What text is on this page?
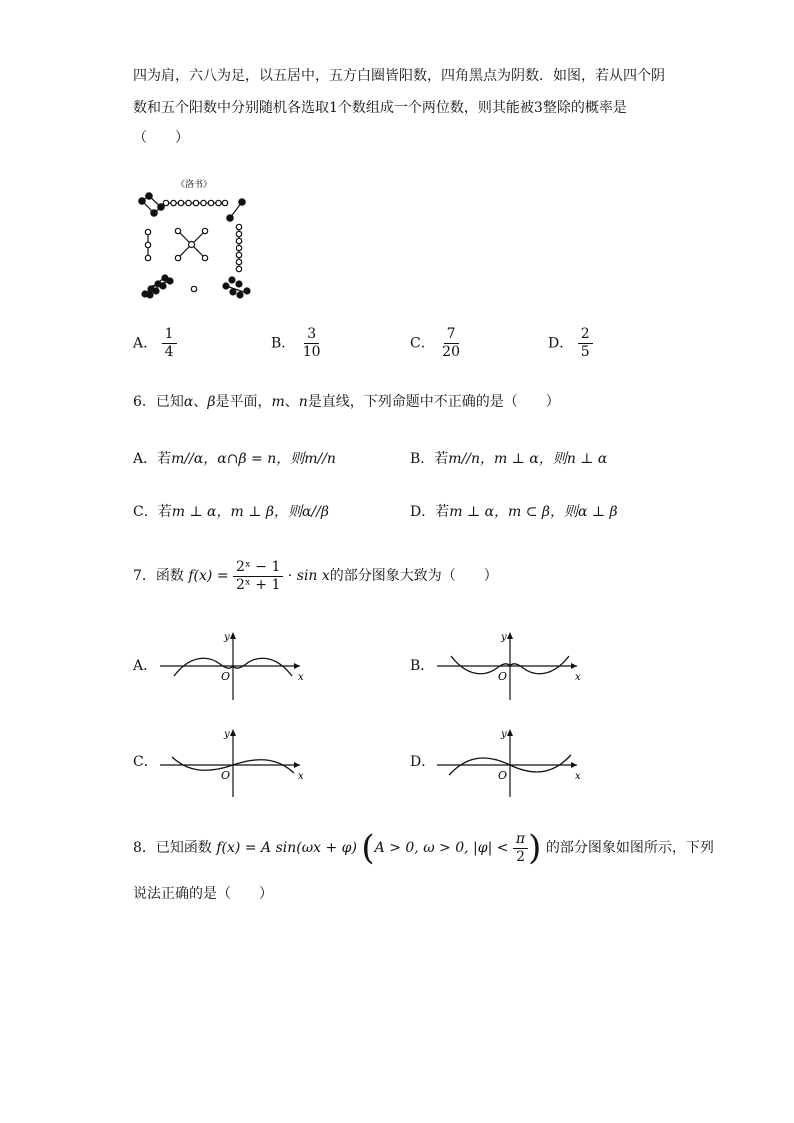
四为肩，六八为足，以五居中，五方白圈皆阳数，四角黑点为阴数．如图，若从四个阴
数和五个阳数中分别随机各选取1个数组成一个两位数，则其能被3整除的概率是
（　　）
《洛书》
A． $\frac{1}{4}$	B． $\frac{3}{10}$	C． $\frac{7}{20}$	D． $\frac{2}{5}$
6．已知α、β是平面，m、n是直线，下列命题中不正确的是（　　）
A．若m//α，α∩β = n，则m//n	B．若m//n，m ⊥ α，则n ⊥ α
C．若m ⊥ α，m ⊥ β，则α//β	D．若m ⊥ α，m ⊂ β，则α ⊥ β
7．函数 $f(x) = \frac{\text{2ˣ − 1}}{\text{2ˣ + 1}} \cdot \sin x$的部分图象大致为（　　）
A．	B．
C．	D．
y
x
O
y
x
O
y
x
O
y
x
O
8．已知函数 f(x) = A sin(ωx + φ) (A > 0, ω > 0, $|\varphi| < \frac{\pi}{2}$ ) 的部分图象如图所示，下列
说法正确的是（　　）
